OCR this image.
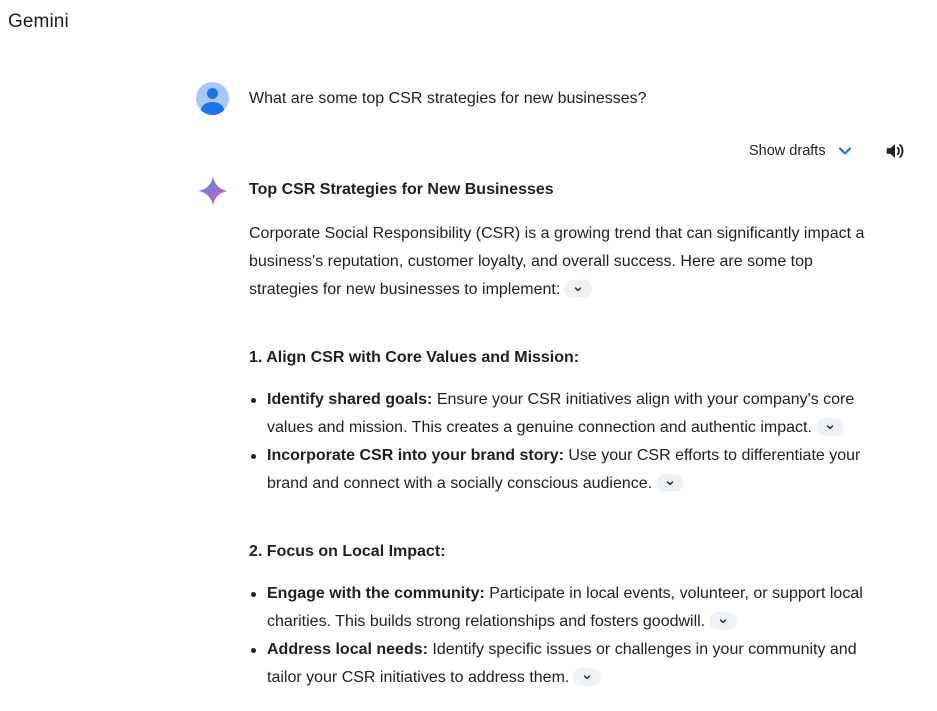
Gemini
What are some top CSR strategies for new businesses?
Show drafts
Top CSR Strategies for New Businesses

Corporate Social Responsibility (CSR) is a growing trend that can significantly impact a business's reputation, customer loyalty, and overall success. Here are some top strategies for new businesses to implement:

1. Align CSR with Core Values and Mission:
Identify shared goals: Ensure your CSR initiatives align with your company's core values and mission. This creates a genuine connection and authentic impact.
Incorporate CSR into your brand story: Use your CSR efforts to differentiate your brand and connect with a socially conscious audience.
2. Focus on Local Impact:
Engage with the community: Participate in local events, volunteer, or support local charities. This builds strong relationships and fosters goodwill.
Address local needs: Identify specific issues or challenges in your community and tailor your CSR initiatives to address them.
